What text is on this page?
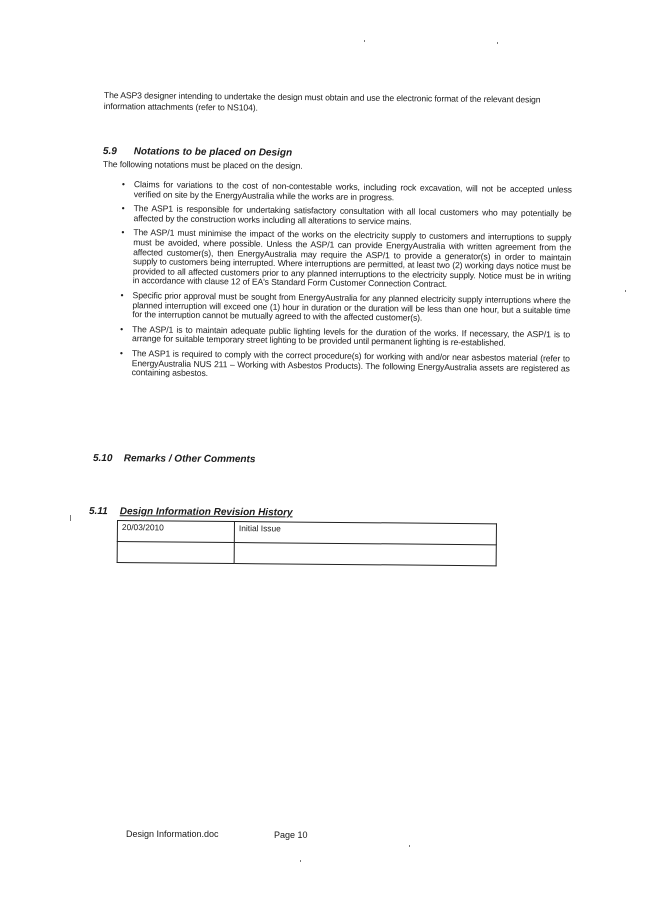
The ASP3 designer intending to undertake the design must obtain and use the electronic format of the relevant design information attachments (refer to NS104).
5.9 Notations to be placed on Design
The following notations must be placed on the design.
• Claims for variations to the cost of non-contestable works, including rock excavation, will not be accepted unless verified on site by the EnergyAustralia while the works are in progress.
• The ASP1 is responsible for undertaking satisfactory consultation with all local customers who may potentially be affected by the construction works including all alterations to service mains.
• The ASP/1 must minimise the impact of the works on the electricity supply to customers and interruptions to supply must be avoided, where possible. Unless the ASP/1 can provide EnergyAustralia with written agreement from the affected customer(s), then EnergyAustralia may require the ASP/1 to provide a generator(s) in order to maintain supply to customers being interrupted. Where interruptions are permitted, at least two (2) working days notice must be provided to all affected customers prior to any planned interruptions to the electricity supply. Notice must be in writing in accordance with clause 12 of EA's Standard Form Customer Connection Contract.
• Specific prior approval must be sought from EnergyAustralia for any planned electricity supply interruptions where the planned interruption will exceed one (1) hour in duration or the duration will be less than one hour, but a suitable time for the interruption cannot be mutually agreed to with the affected customer(s).
• The ASP/1 is to maintain adequate public lighting levels for the duration of the works. If necessary, the ASP/1 is to arrange for suitable temporary street lighting to be provided until permanent lighting is re-established.
• The ASP1 is required to comply with the correct procedure(s) for working with and/or near asbestos material (refer to EnergyAustralia NUS 211 – Working with Asbestos Products). The following EnergyAustralia assets are registered as containing asbestos.
5.10 Remarks / Other Comments
5.11 Design Information Revision History
20/03/2010	Initial Issue

Design Information.doc	Page 10
